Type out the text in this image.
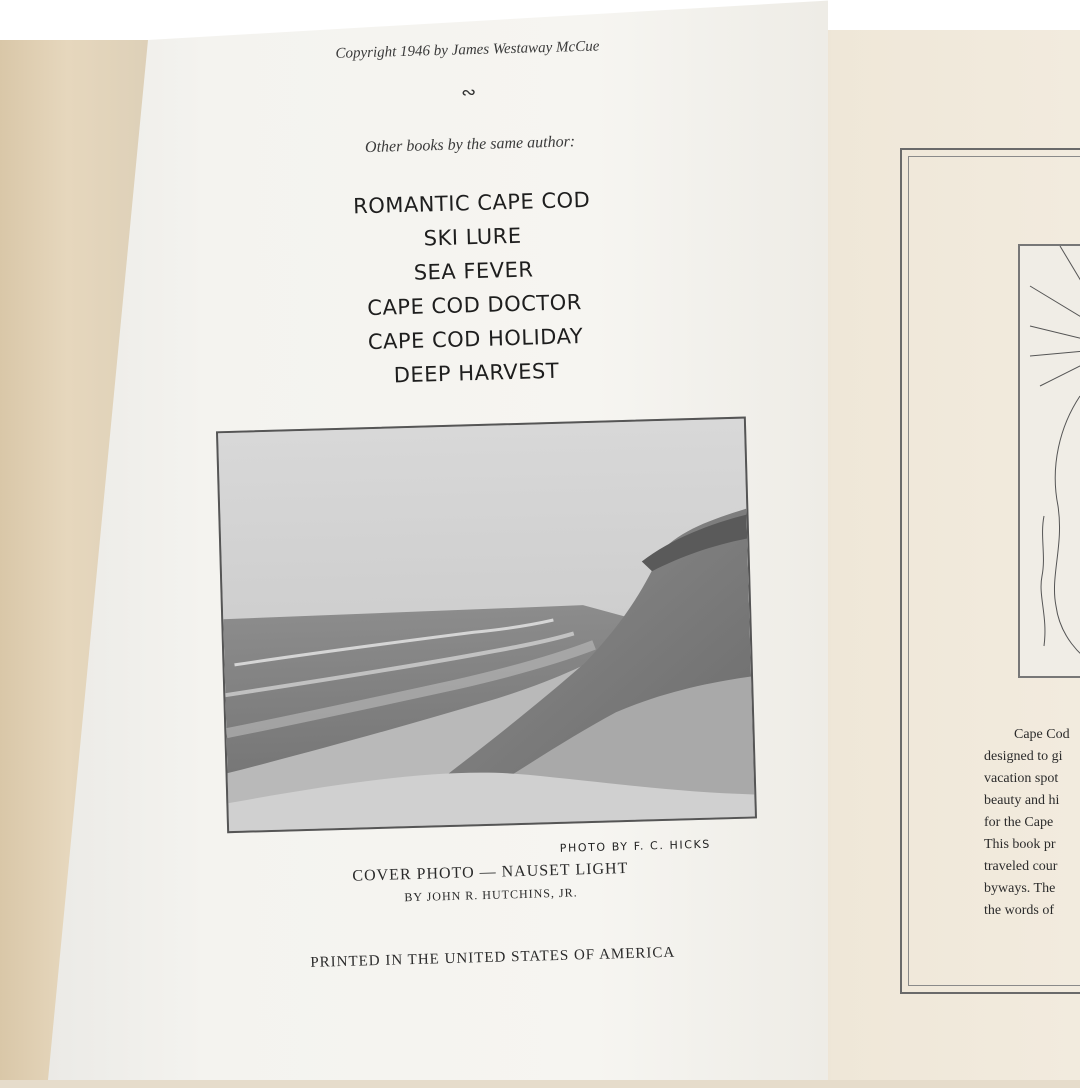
Copyright 1946 by James Westaway McCue
∾
Other books by the same author:
ROMANTIC CAPE COD
SKI LURE
SEA FEVER
CAPE COD DOCTOR
CAPE COD HOLIDAY
DEEP HARVEST
PHOTO BY F. C. HICKS
COVER PHOTO — NAUSET LIGHT
BY JOHN R. HUTCHINS, JR.
PRINTED IN THE UNITED STATES OF AMERICA
Cape Cod
designed to gi
vacation spot
beauty and hi
for the Cape
This book pr
traveled cour
byways. The
the words of
